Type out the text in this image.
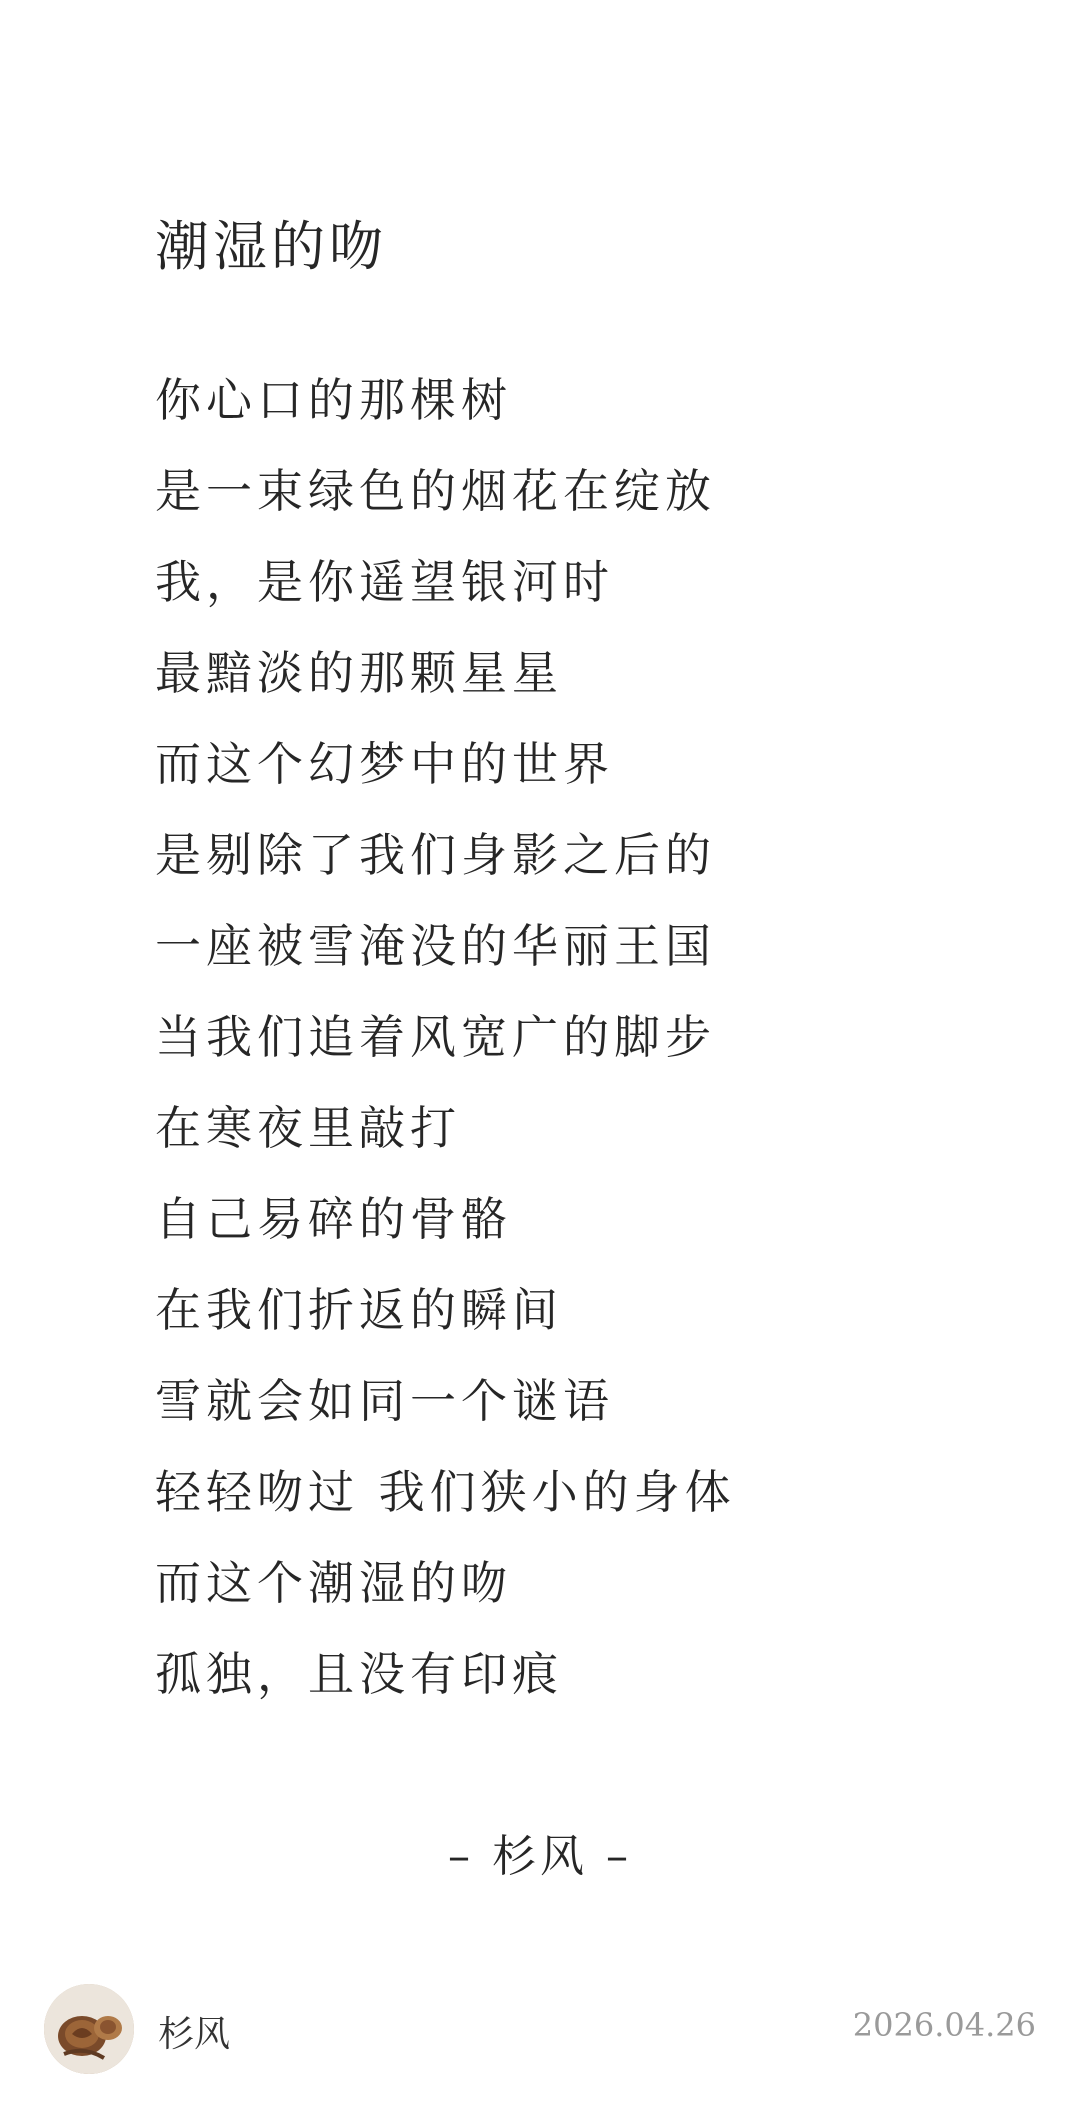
潮湿的吻
你心口的那棵树
是一束绿色的烟花在绽放
我，是你遥望银河时
最黯淡的那颗星星
而这个幻梦中的世界
是剔除了我们身影之后的
一座被雪淹没的华丽王国
当我们追着风宽广的脚步
在寒夜里敲打
自己易碎的骨骼
在我们折返的瞬间
雪就会如同一个谜语
轻轻吻过 我们狭小的身体
而这个潮湿的吻
孤独，且没有印痕
– 杉风 –
杉风	2026.04.26
